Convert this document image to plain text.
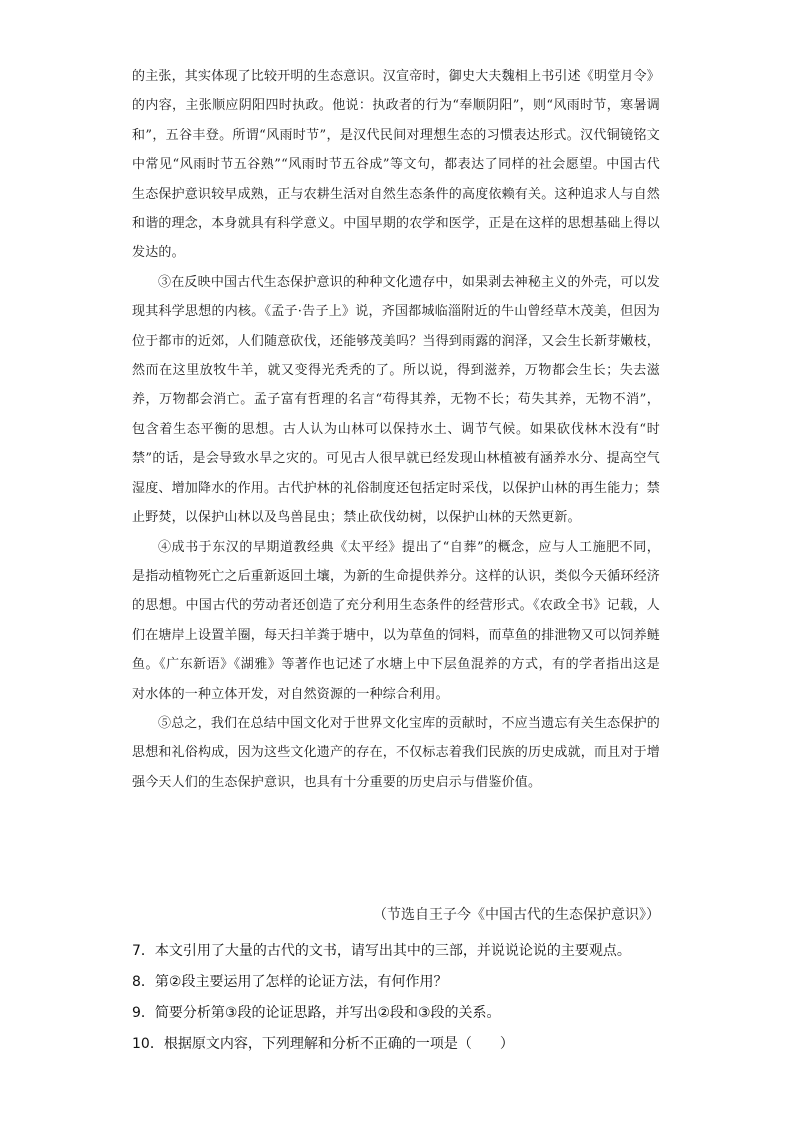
的主张，其实体现了比较开明的生态意识。汉宣帝时，御史大夫魏相上书引述《明堂月令》的内容，主张顺应阴阳四时执政。他说：执政者的行为“奉顺阴阳”，则“风雨时节，寒暑调和”，五谷丰登。所谓“风雨时节”，是汉代民间对理想生态的习惯表达形式。汉代铜镜铭文中常见“风雨时节五谷熟”“风雨时节五谷成”等文句，都表达了同样的社会愿望。中国古代生态保护意识较早成熟，正与农耕生活对自然生态条件的高度依赖有关。这种追求人与自然和谐的理念，本身就具有科学意义。中国早期的农学和医学，正是在这样的思想基础上得以发达的。

③在反映中国古代生态保护意识的种种文化遗存中，如果剥去神秘主义的外壳，可以发现其科学思想的内核。《孟子·告子上》说，齐国都城临淄附近的牛山曾经草木茂美，但因为位于都市的近郊，人们随意砍伐，还能够茂美吗？当得到雨露的润泽，又会生长新芽嫩枝，然而在这里放牧牛羊，就又变得光秃秃的了。所以说，得到滋养，万物都会生长；失去滋养，万物都会消亡。孟子富有哲理的名言“苟得其养，无物不长；苟失其养，无物不消”，包含着生态平衡的思想。古人认为山林可以保持水土、调节气候。如果砍伐林木没有“时禁”的话，是会导致水旱之灾的。可见古人很早就已经发现山林植被有涵养水分、提高空气湿度、增加降水的作用。古代护林的礼俗制度还包括定时采伐，以保护山林的再生能力；禁止野焚，以保护山林以及鸟兽昆虫；禁止砍伐幼树，以保护山林的天然更新。

④成书于东汉的早期道教经典《太平经》提出了“自葬”的概念，应与人工施肥不同，是指动植物死亡之后重新返回土壤，为新的生命提供养分。这样的认识，类似今天循环经济的思想。中国古代的劳动者还创造了充分利用生态条件的经营形式。《农政全书》记载，人们在塘岸上设置羊圈，每天扫羊粪于塘中，以为草鱼的饲料，而草鱼的排泄物又可以饲养鲢鱼。《广东新语》《湖雅》等著作也记述了水塘上中下层鱼混养的方式，有的学者指出这是对水体的一种立体开发，对自然资源的一种综合利用。

⑤总之，我们在总结中国文化对于世界文化宝库的贡献时，不应当遗忘有关生态保护的思想和礼俗构成，因为这些文化遗产的存在，不仅标志着我们民族的历史成就，而且对于增强今天人们的生态保护意识，也具有十分重要的历史启示与借鉴价值。

（节选自王子今《中国古代的生态保护意识》）
7．本文引用了大量的古代的文书，请写出其中的三部，并说说论说的主要观点。
8．第②段主要运用了怎样的论证方法，有何作用？
9．简要分析第③段的论证思路，并写出②段和③段的关系。
10．根据原文内容，下列理解和分析不正确的一项是（　　）
